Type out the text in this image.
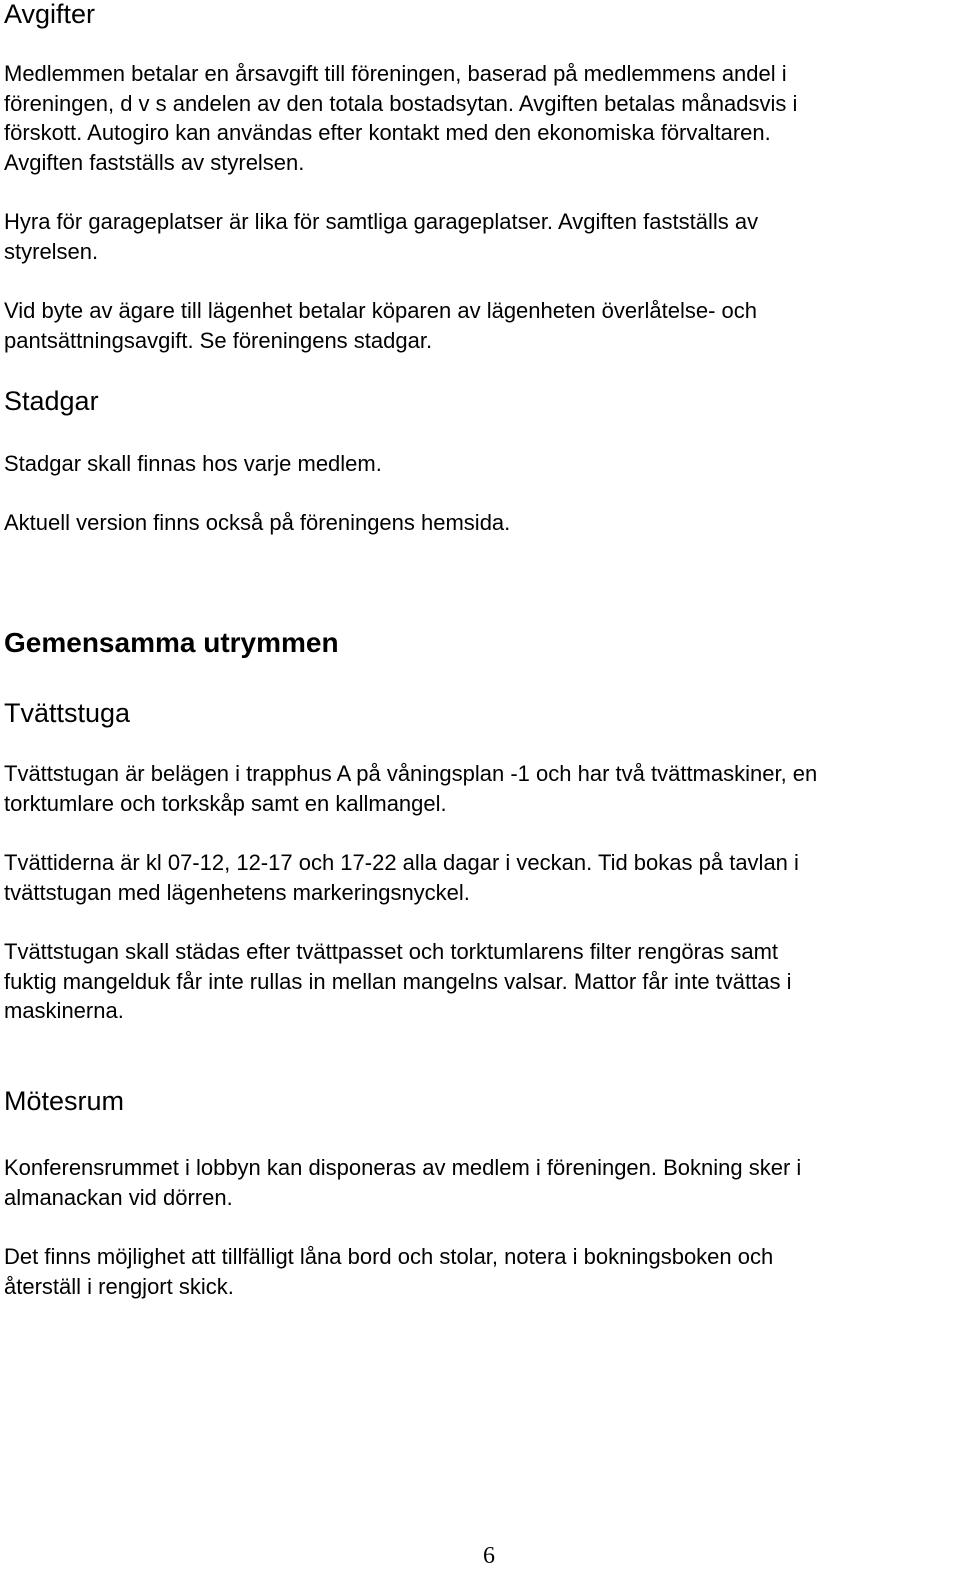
Avgifter

Medlemmen betalar en årsavgift till föreningen, baserad på medlemmens andel i
föreningen, d v s andelen av den totala bostadsytan. Avgiften betalas månadsvis i
förskott. Autogiro kan användas efter kontakt med den ekonomiska förvaltaren.
Avgiften fastställs av styrelsen.

Hyra för garageplatser är lika för samtliga garageplatser. Avgiften fastställs av
styrelsen.

Vid byte av ägare till lägenhet betalar köparen av lägenheten överlåtelse- och
pantsättningsavgift. Se föreningens stadgar.

Stadgar

Stadgar skall finnas hos varje medlem.

Aktuell version finns också på föreningens hemsida.

Gemensamma utrymmen
Tvättstuga

Tvättstugan är belägen i trapphus A på våningsplan -1 och har två tvättmaskiner, en
torktumlare och torkskåp samt en kallmangel.

Tvättiderna är kl 07-12, 12-17 och 17-22 alla dagar i veckan. Tid bokas på tavlan i
tvättstugan med lägenhetens markeringsnyckel.

Tvättstugan skall städas efter tvättpasset och torktumlarens filter rengöras samt
fuktig mangelduk får inte rullas in mellan mangelns valsar. Mattor får inte tvättas i
maskinerna.

Mötesrum

Konferensrummet i lobbyn kan disponeras av medlem i föreningen. Bokning sker i
almanackan vid dörren.

Det finns möjlighet att tillfälligt låna bord och stolar, notera i bokningsboken och
återställ i rengjort skick.

6
